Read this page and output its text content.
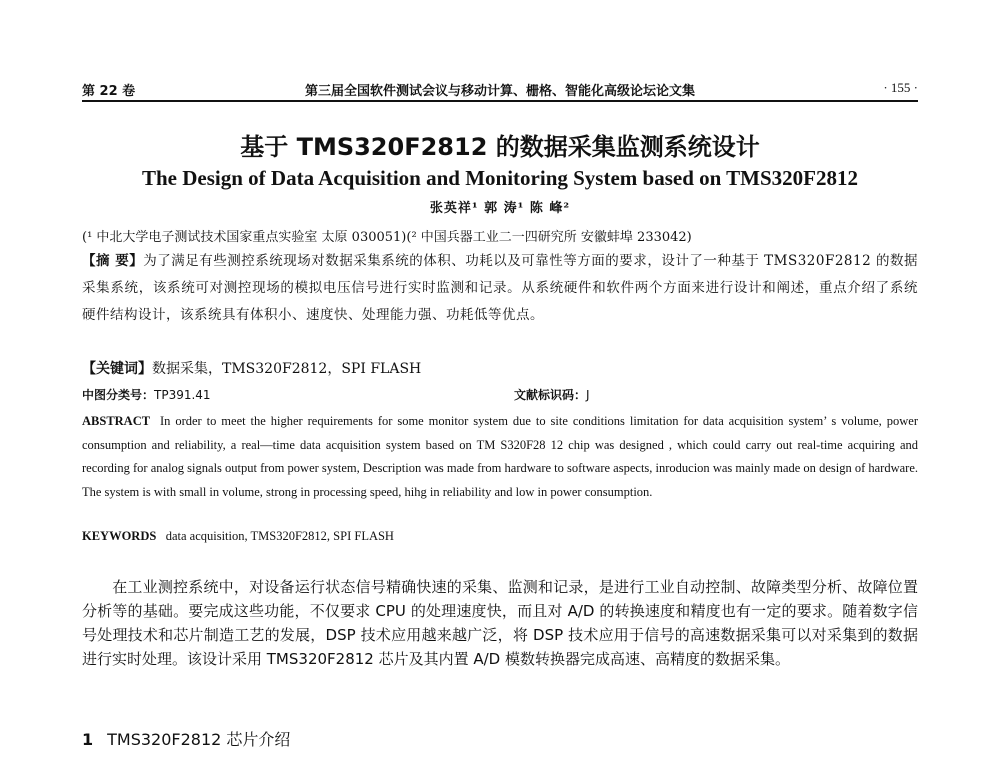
第 22 卷	第三届全国软件测试会议与移动计算、栅格、智能化高级论坛论文集	· 155 ·
基于 TMS320F2812 的数据采集监测系统设计
The Design of Data Acquisition and Monitoring System based on TMS320F2812
张英祥¹ 郭 涛¹ 陈 峰²
(¹ 中北大学电子测试技术国家重点实验室 太原 030051)(² 中国兵器工业二一四研究所 安徽蚌埠 233042)
【摘 要】为了满足有些测控系统现场对数据采集系统的体积、功耗以及可靠性等方面的要求，设计了一种基于 TMS320F2812 的数据采集系统，该系统可对测控现场的模拟电压信号进行实时监测和记录。从系统硬件和软件两个方面来进行设计和阐述，重点介绍了系统硬件结构设计，该系统具有体积小、速度快、处理能力强、功耗低等优点。
【关键词】数据采集，TMS320F2812，SPI FLASH
中图分类号：TP391.41	文献标识码：J
ABSTRACT In order to meet the higher requirements for some monitor system due to site conditions limitation for data acquisition system’ s volume, power consumption and reliability, a real—time data acquisition system based on TM S320F28 12 chip was designed , which could carry out real-time acquiring and recording for analog signals output from power system, Description was made from hardware to software aspects, inroducion was mainly made on design of hardware. The system is with small in volume, strong in processing speed, hihg in reliability and low in power consumption.
KEYWORDS data acquisition, TMS320F2812, SPI FLASH
在工业测控系统中，对设备运行状态信号精确快速的采集、监测和记录，是进行工业自动控制、故障类型分析、故障位置分析等的基础。要完成这些功能，不仅要求 CPU 的处理速度快，而且对 A/D 的转换速度和精度也有一定的要求。随着数字信号处理技术和芯片制造工艺的发展，DSP 技术应用越来越广泛，将 DSP 技术应用于信号的高速数据采集可以对采集到的数据进行实时处理。该设计采用 TMS320F2812 芯片及其内置 A/D 模数转换器完成高速、高精度的数据采集。
1 TMS320F2812 芯片介绍
